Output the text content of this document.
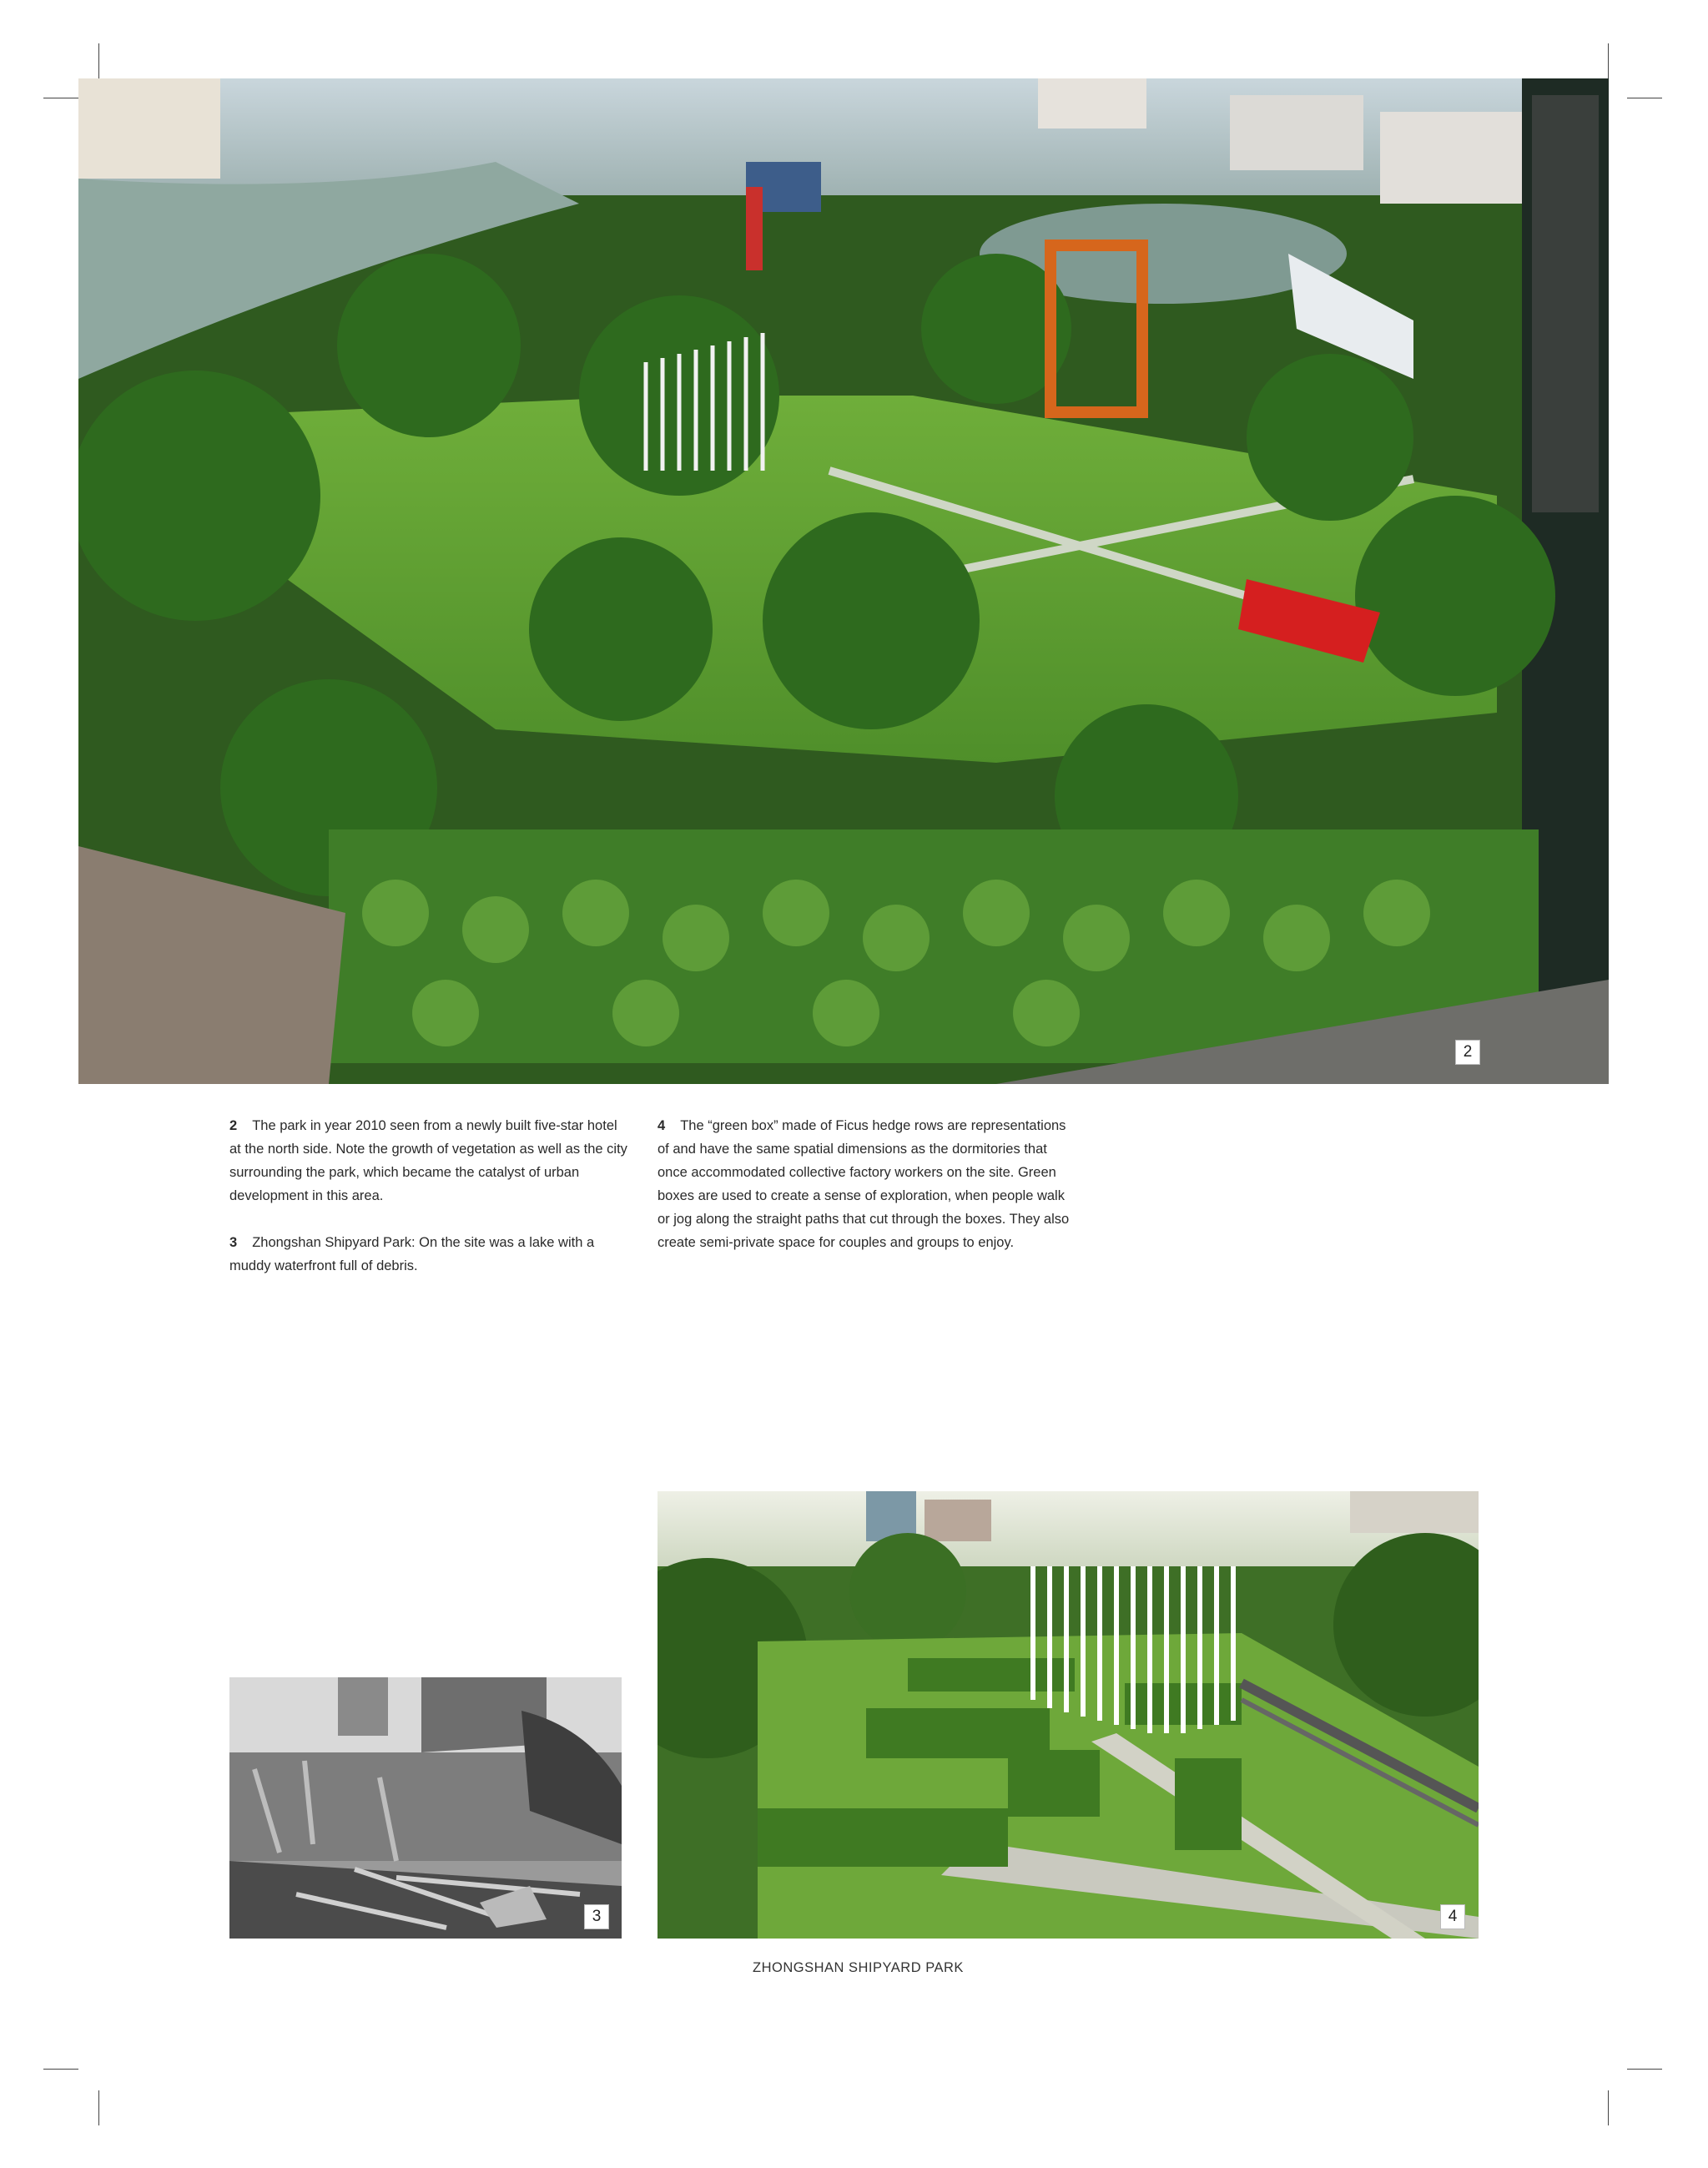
2

2 The park in year 2010 seen from a newly built five-star hotel at the north side. Note the growth of vegetation as well as the city surrounding the park, which became the catalyst of urban development in this area.

3 Zhongshan Shipyard Park: On the site was a lake with a muddy waterfront full of debris.

4 The “green box” made of Ficus hedge rows are representations of and have the same spatial dimensions as the dormitories that once accommodated collective factory workers on the site. Green boxes are used to create a sense of exploration, when people walk or jog along the straight paths that cut through the boxes. They also create semi-private space for couples and groups to enjoy.

3	4
ZHONGSHAN SHIPYARD PARK
